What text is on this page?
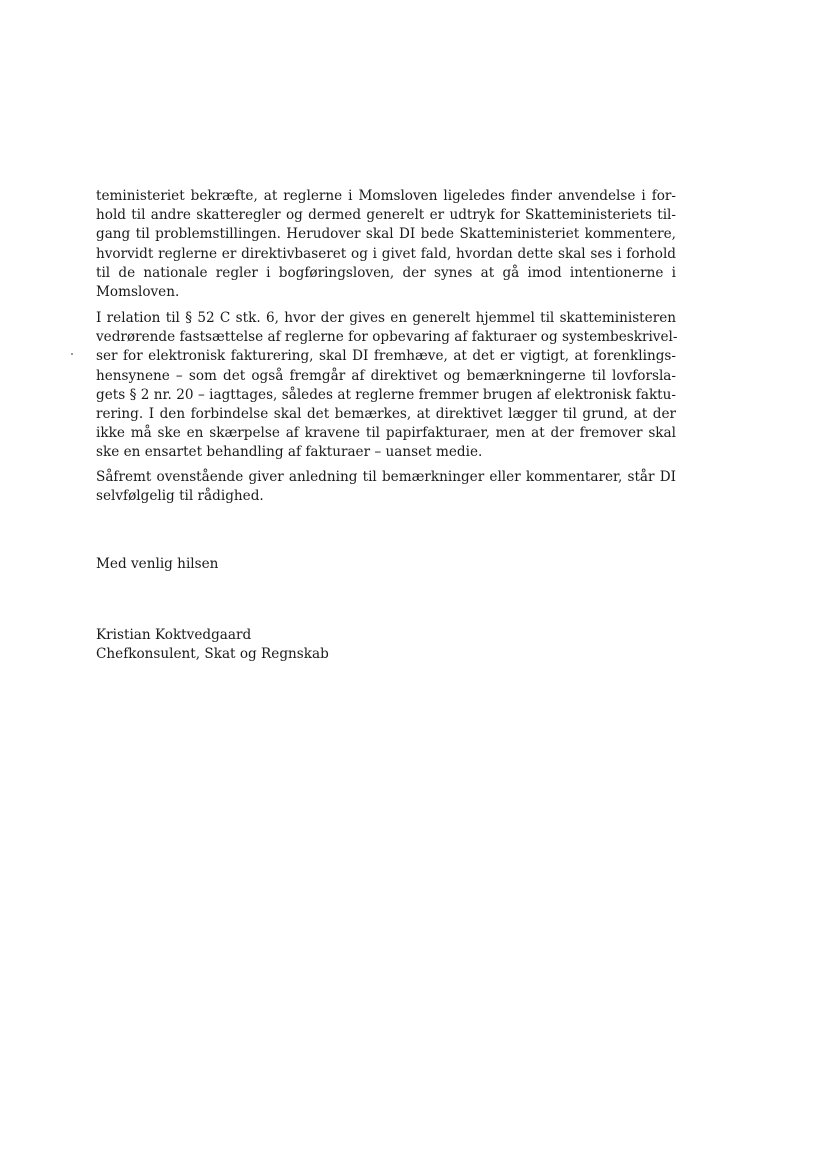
teministeriet bekræfte, at reglerne i Momsloven ligeledes finder anvendelse i for-
hold til andre skatteregler og dermed generelt er udtryk for Skatteministeriets til-
gang til problemstillingen. Herudover skal DI bede Skatteministeriet kommentere,
hvorvidt reglerne er direktivbaseret og i givet fald, hvordan dette skal ses i forhold
til de nationale regler i bogføringsloven, der synes at gå imod intentionerne i
Momsloven.

I relation til § 52 C stk. 6, hvor der gives en generelt hjemmel til skatteministeren
vedrørende fastsættelse af reglerne for opbevaring af fakturaer og systembeskrivel-
ser for elektronisk fakturering, skal DI fremhæve, at det er vigtigt, at forenklings-
hensynene – som det også fremgår af direktivet og bemærkningerne til lovforsla-
gets § 2 nr. 20 – iagttages, således at reglerne fremmer brugen af elektronisk faktu-
rering. I den forbindelse skal det bemærkes, at direktivet lægger til grund, at der
ikke må ske en skærpelse af kravene til papirfakturaer, men at der fremover skal
ske en ensartet behandling af fakturaer – uanset medie.

Såfremt ovenstående giver anledning til bemærkninger eller kommentarer, står DI
selvfølgelig til rådighed.

Med venlig hilsen

Kristian Koktvedgaard

Chefkonsulent, Skat og Regnskab
